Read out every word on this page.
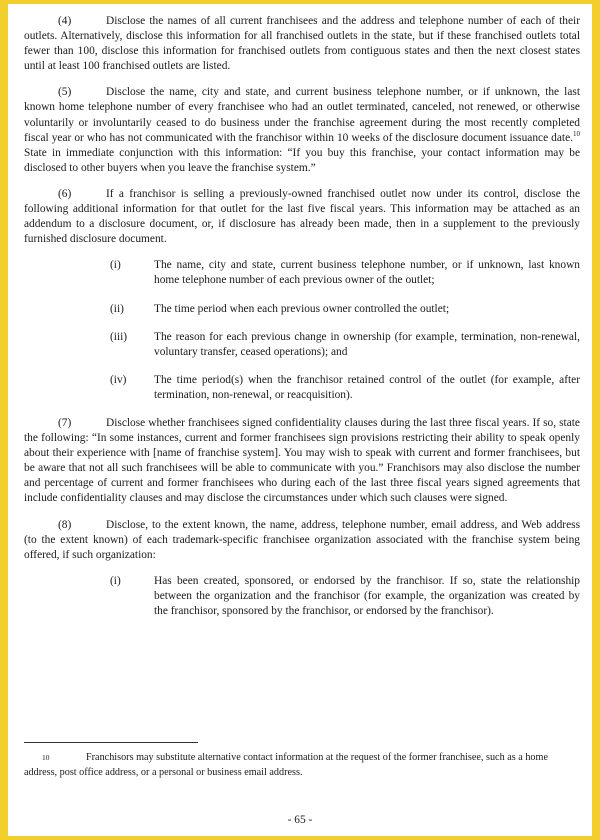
(4)	Disclose the names of all current franchisees and the address and telephone number of each of their outlets. Alternatively, disclose this information for all franchised outlets in the state, but if these franchised outlets total fewer than 100, disclose this information for franchised outlets from contiguous states and then the next closest states until at least 100 franchised outlets are listed.

(5)	Disclose the name, city and state, and current business telephone number, or if unknown, the last known home telephone number of every franchisee who had an outlet terminated, canceled, not renewed, or otherwise voluntarily or involuntarily ceased to do business under the franchise agreement during the most recently completed fiscal year or who has not communicated with the franchisor within 10 weeks of the disclosure document issuance date.$^{10}$ State in immediate conjunction with this information: “If you buy this franchise, your contact information may be disclosed to other buyers when you leave the franchise system.”

(6)	If a franchisor is selling a previously-owned franchised outlet now under its control, disclose the following additional information for that outlet for the last five fiscal years. This information may be attached as an addendum to a disclosure document, or, if disclosure has already been made, then in a supplement to the previously furnished disclosure document.

(i)	The name, city and state, current business telephone number, or if unknown, last known home telephone number of each previous owner of the outlet;
(ii)	The time period when each previous owner controlled the outlet;
(iii)	The reason for each previous change in ownership (for example, termination, non-renewal, voluntary transfer, ceased operations); and
(iv)	The time period(s) when the franchisor retained control of the outlet (for example, after termination, non-renewal, or reacquisition).

(7)	Disclose whether franchisees signed confidentiality clauses during the last three fiscal years. If so, state the following: “In some instances, current and former franchisees sign provisions restricting their ability to speak openly about their experience with [name of franchise system]. You may wish to speak with current and former franchisees, but be aware that not all such franchisees will be able to communicate with you.” Franchisors may also disclose the number and percentage of current and former franchisees who during each of the last three fiscal years signed agreements that include confidentiality clauses and may disclose the circumstances under which such clauses were signed.

(8)	Disclose, to the extent known, the name, address, telephone number, email address, and Web address (to the extent known) of each trademark-specific franchisee organization associated with the franchise system being offered, if such organization:

(i)	Has been created, sponsored, or endorsed by the franchisor. If so, state the relationship between the organization and the franchisor (for example, the organization was created by the franchisor, sponsored by the franchisor, or endorsed by the franchisor).
10	Franchisors may substitute alternative contact information at the request of the former franchisee, such as a home address, post office address, or a personal or business email address.
- 65 -
